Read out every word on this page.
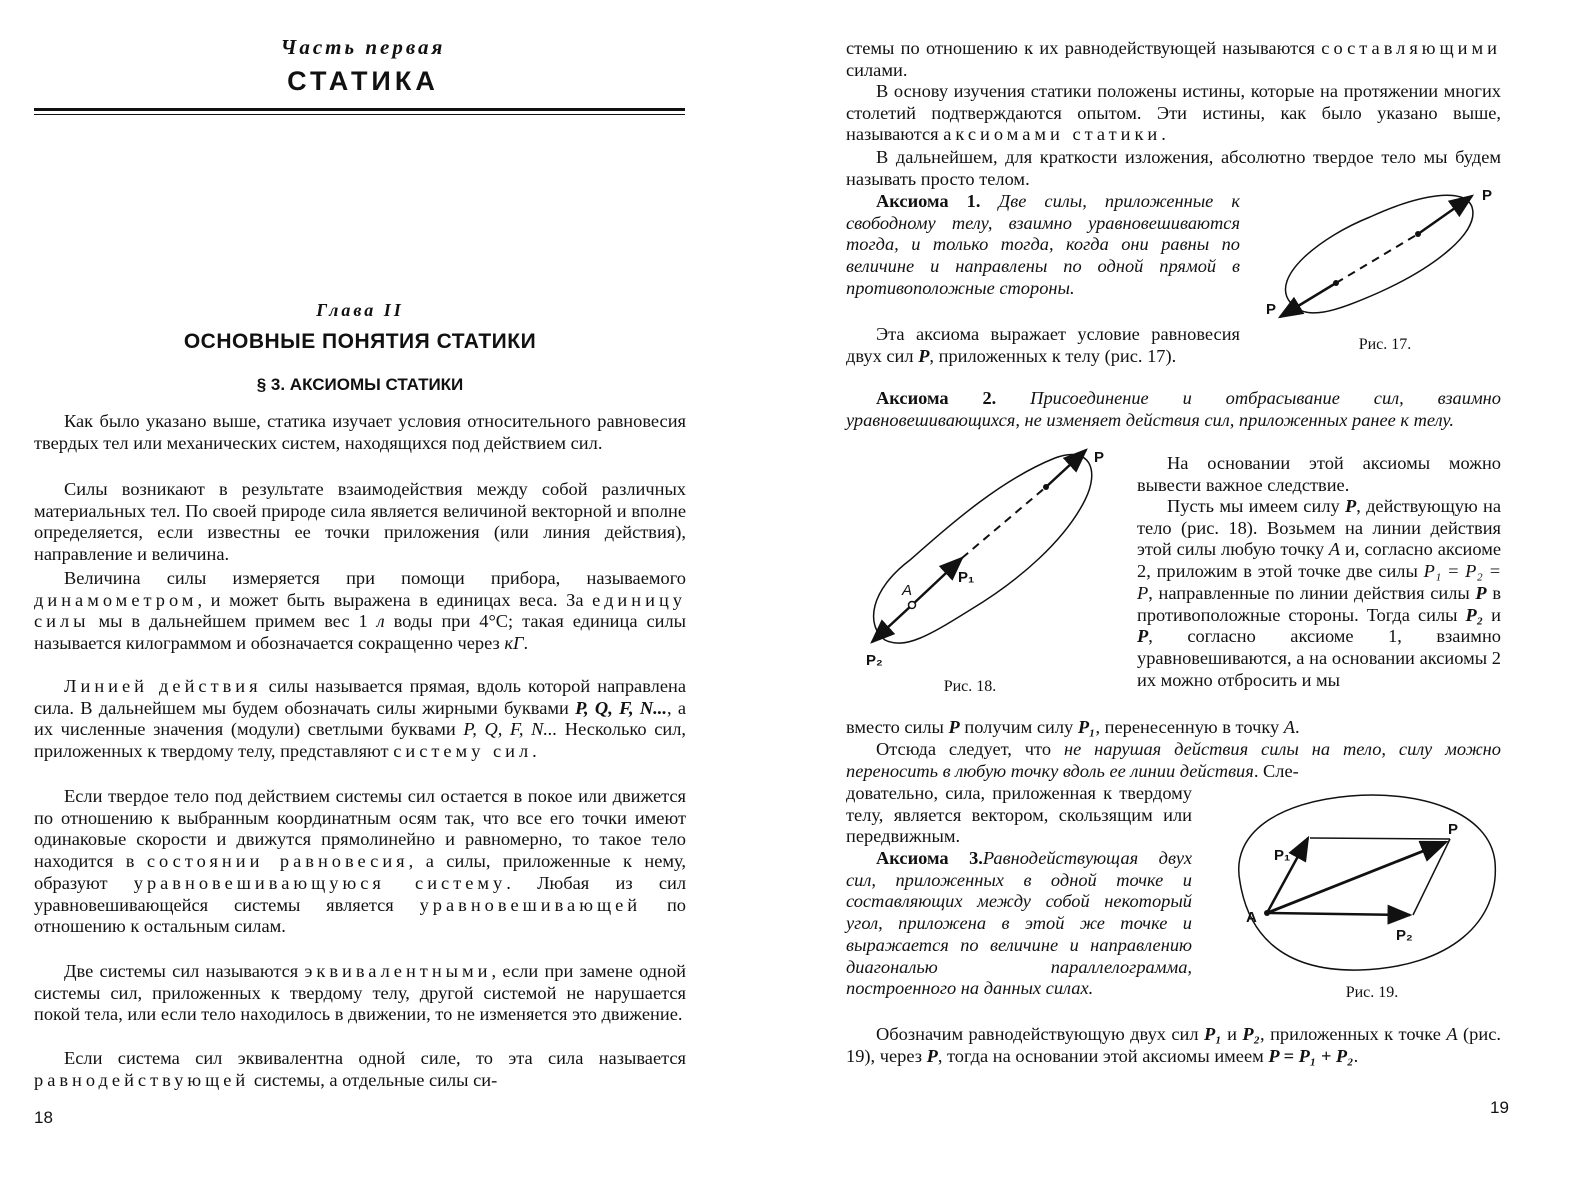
Часть первая
СТАТИКА
Глава II
ОСНОВНЫЕ ПОНЯТИЯ СТАТИКИ
§ 3. АКСИОМЫ СТАТИКИ

Как было указано выше, статика изучает условия относительного равновесия твердых тел или механических систем, находящихся под действием сил.

Силы возникают в результате взаимодействия между собой различных материальных тел. По своей природе сила является величиной векторной и вполне определяется, если известны ее точки приложения (или линия действия), направление и величина.

Величина силы измеряется при помощи прибора, называемого динамометром, и может быть выражена в единицах веса. За единицу силы мы в дальнейшем примем вес 1 л воды при 4°С; такая единица силы называется килограммом и обозначается сокращенно через кГ.

Линией действия силы называется прямая, вдоль которой направлена сила. В дальнейшем мы будем обозначать силы жирными буквами P, Q, F, N..., а их численные значения (модули) светлыми буквами P, Q, F, N... Несколько сил, приложенных к твердому телу, представляют систему сил.

Если твердое тело под действием системы сил остается в покое или движется по отношению к выбранным координатным осям так, что все его точки имеют одинаковые скорости и движутся прямолинейно и равномерно, то такое тело находится в состоянии равновесия, а силы, приложенные к нему, образуют уравновешивающуюся систему. Любая из сил уравновешивающейся системы является уравновешивающей по отношению к остальным силам.

Две системы сил называются эквивалентными, если при замене одной системы сил, приложенных к твердому телу, другой системой не нарушается покой тела, или если тело находилось в движении, то не изменяется это движение.

Если система сил эквивалентна одной силе, то эта сила называется равнодействующей системы, а отдельные силы си-

18

стемы по отношению к их равнодействующей называются составляющими силами.

В основу изучения статики положены истины, которые на протяжении многих столетий подтверждаются опытом. Эти истины, как было указано выше, называются аксиомами статики.

В дальнейшем, для краткости изложения, абсолютно твердое тело мы будем называть просто телом.

Аксиома 1. Две силы, приложенные к свободному телу, взаимно уравновешиваются тогда, и только тогда, когда они равны по величине и направлены по одной прямой в противоположные стороны.

Эта аксиома выражает условие равновесия двух сил P, приложенных к телу (рис. 17).

P
P
Рис. 17.

Аксиома 2. Присоединение и отбрасывание сил, взаимно уравновешивающихся, не изменяет действия сил, приложенных ранее к телу.

P
P₁
P₂
A
Рис. 18.

На основании этой аксиомы можно вывести важное следствие.

Пусть мы имеем силу P, действующую на тело (рис. 18). Возьмем на линии действия этой силы любую точку A и, согласно аксиоме 2, приложим в этой точке две силы P₁ = P₂ = P, направленные по линии действия силы P в противоположные стороны. Тогда силы P₂ и P, согласно аксиоме 1, взаимно уравновешиваются, а на основании аксиомы 2 их можно отбросить и мы

вместо силы P получим силу P₁, перенесенную в точку A.

Отсюда следует, что не нарушая действия силы на тело, силу можно переносить в любую точку вдоль ее линии действия. Сле-

довательно, сила, приложенная к твердому телу, является вектором, скользящим или передвижным.

Аксиома 3.Равнодействующая двух сил, приложенных в одной точке и составляющих между собой некоторый угол, приложена в этой же точке и выражается по величине и направлению диагональю параллелограмма, построенного на данных силах.

P
P₁
P₂
A
Рис. 19.

Обозначим равнодействующую двух сил P₁ и P₂, приложенных к точке A (рис. 19), через P, тогда на основании этой аксиомы имеем P = P₁ + P₂.

19
